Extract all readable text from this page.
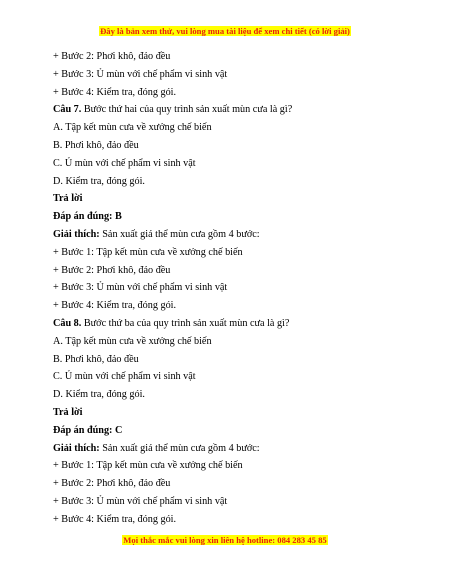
Đây là bản xem thử, vui lòng mua tài liệu để xem chi tiết (có lời giải)
+ Bước 2: Phơi khô, đảo đều
+ Bước 3: Ủ mùn với chế phẩm vi sinh vật
+ Bước 4: Kiểm tra, đóng gói.
Câu 7. Bước thứ hai của quy trình sản xuất mùn cưa là gì?
A. Tập kết mùn cưa về xưởng chế biến
B. Phơi khô, đảo đều
C. Ủ mùn với chế phẩm vi sinh vật
D. Kiểm tra, đóng gói.
Trả lời
Đáp án đúng: B
Giải thích: Sản xuất giá thể mùn cưa gồm 4 bước:
+ Bước 1: Tập kết mùn cưa về xưởng chế biến
+ Bước 2: Phơi khô, đảo đều
+ Bước 3: Ủ mùn với chế phẩm vi sinh vật
+ Bước 4: Kiểm tra, đóng gói.
Câu 8. Bước thứ ba của quy trình sản xuất mùn cưa là gì?
A. Tập kết mùn cưa về xưởng chế biến
B. Phơi khô, đảo đều
C. Ủ mùn với chế phẩm vi sinh vật
D. Kiểm tra, đóng gói.
Trả lời
Đáp án đúng: C
Giải thích: Sản xuất giá thể mùn cưa gồm 4 bước:
+ Bước 1: Tập kết mùn cưa về xưởng chế biến
+ Bước 2: Phơi khô, đảo đều
+ Bước 3: Ủ mùn với chế phẩm vi sinh vật
+ Bước 4: Kiểm tra, đóng gói.
Mọi thắc mắc vui lòng xin liên hệ hotline: 084 283 45 85
